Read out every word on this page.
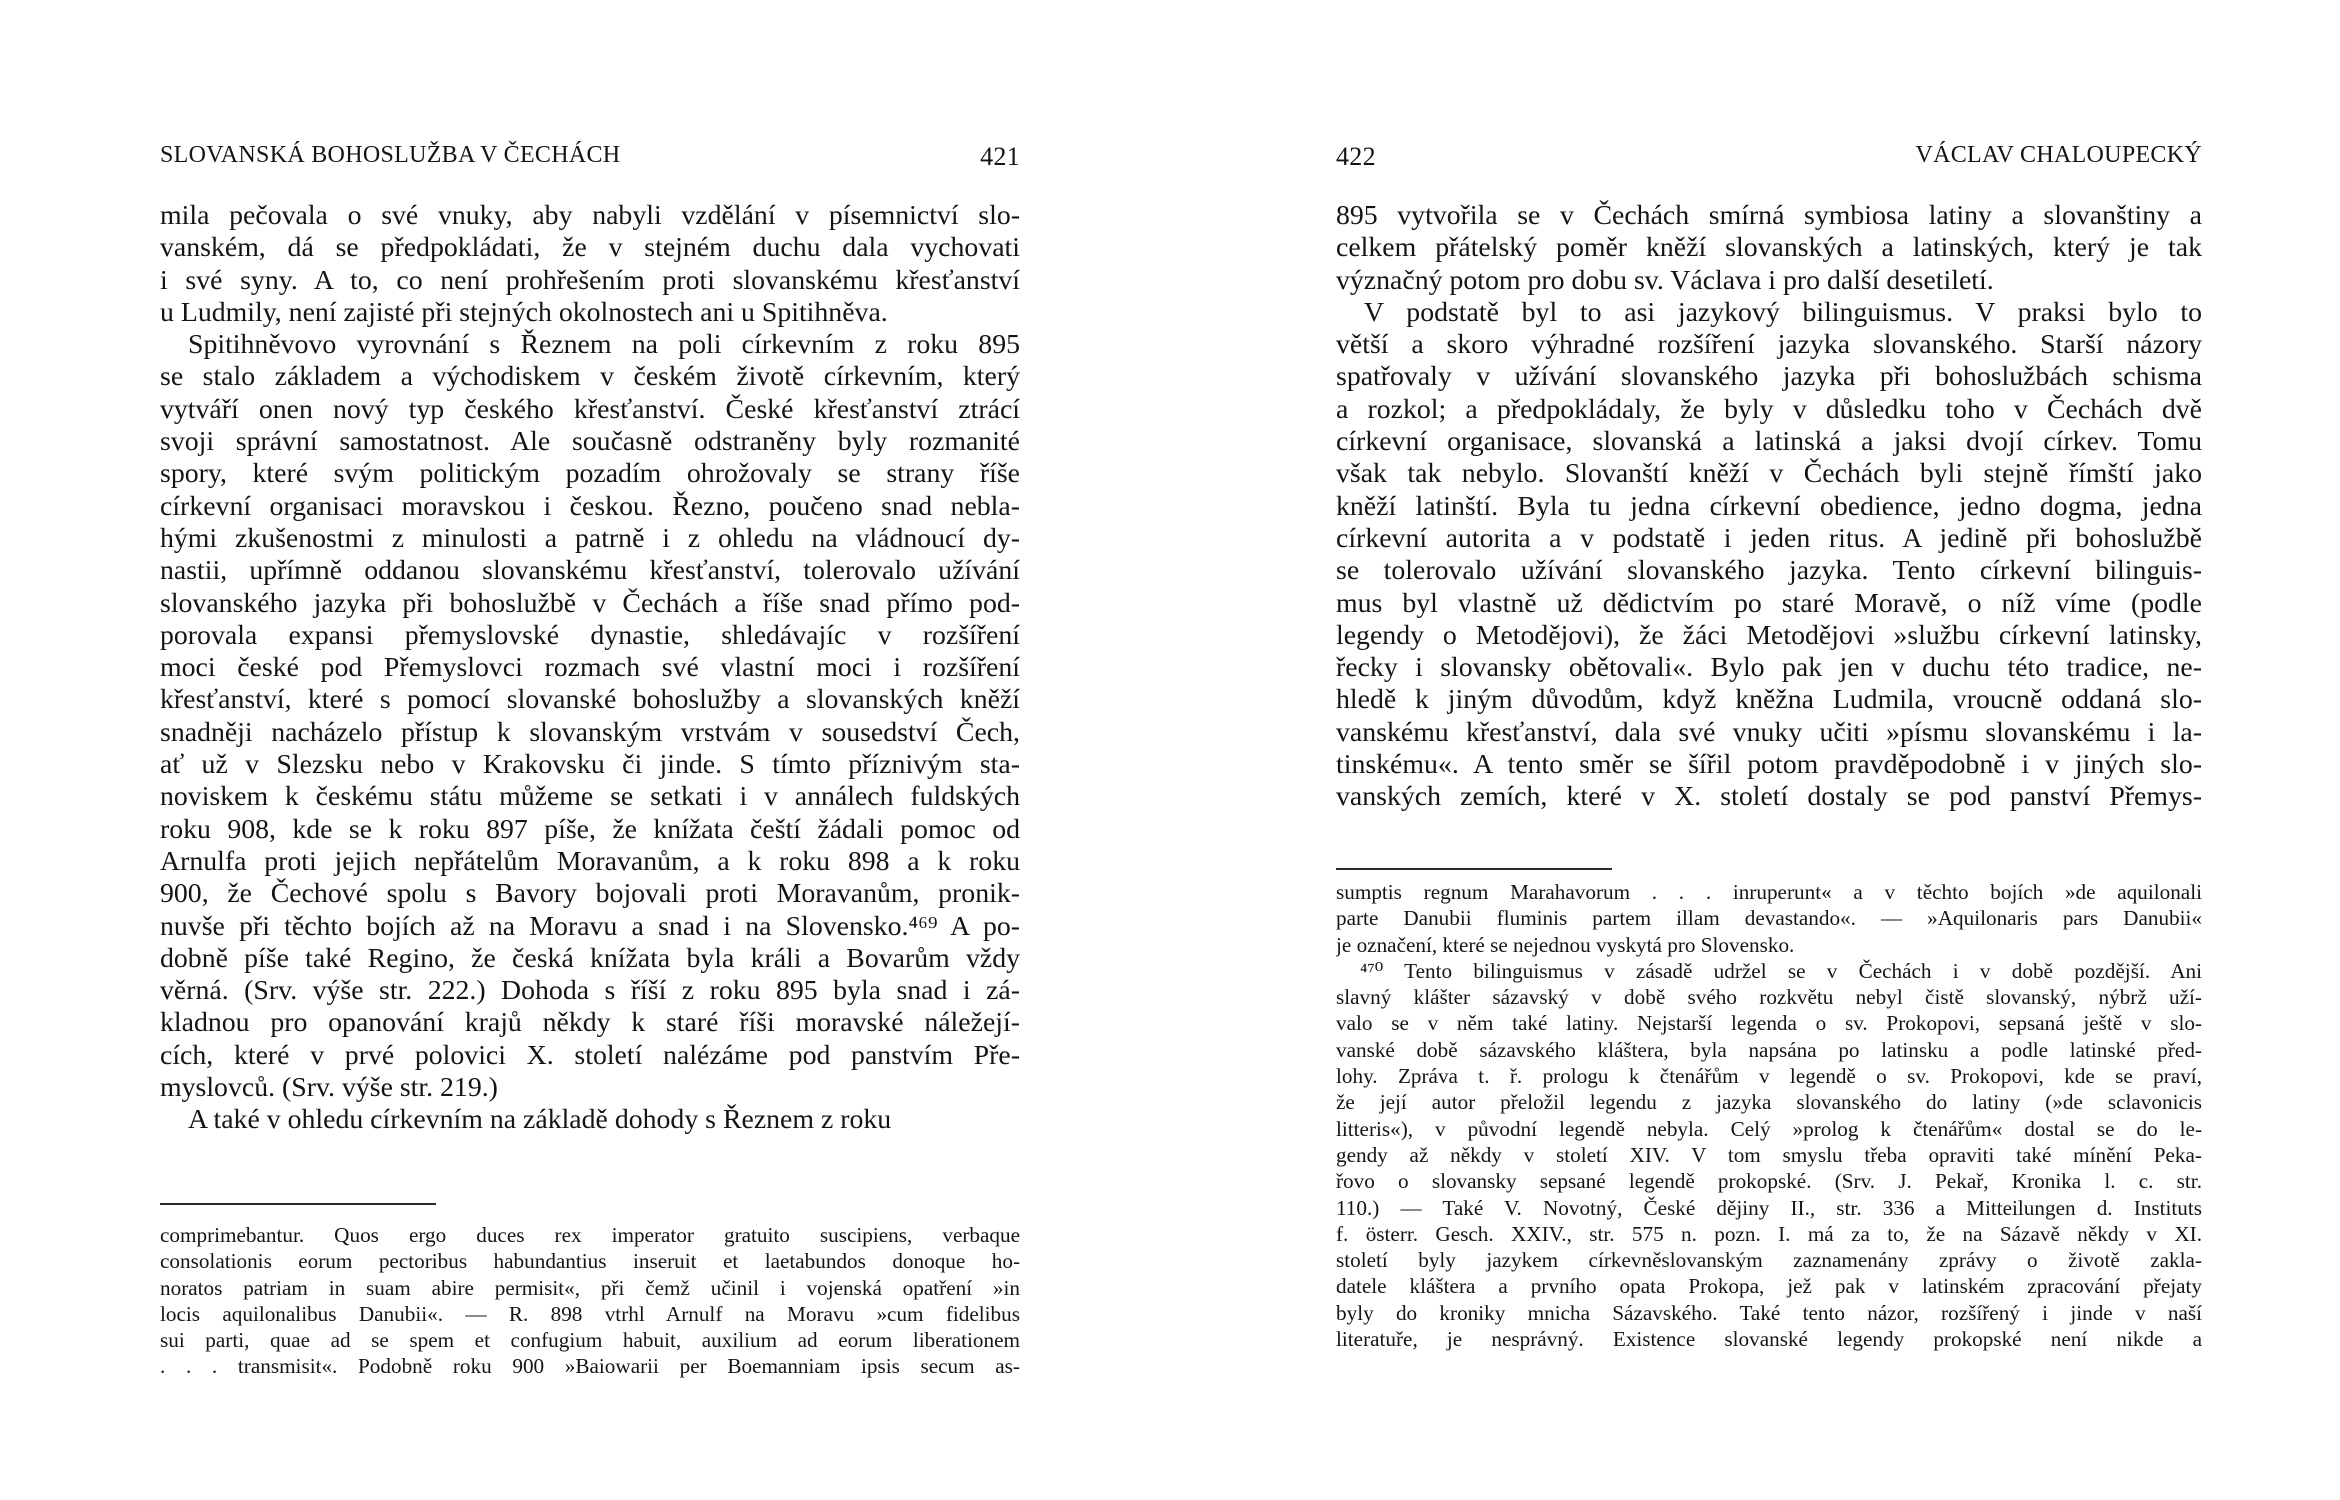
SLOVANSKÁ BOHOSLUŽBA V ČECHÁCH	421
mila pečovala o své vnuky, aby nabyli vzdělání v písemnictví slo-
vanském, dá se předpokládati, že v stejném duchu dala vychovati
i své syny. A to, co není prohřešením proti slovanskému křesťanství
u Ludmily, není zajisté při stejných okolnostech ani u Spitihněva.
Spitihněvovo vyrovnání s Řeznem na poli církevním z roku 895
se stalo základem a východiskem v českém životě církevním, který
vytváří onen nový typ českého křesťanství. České křesťanství ztrácí
svoji správní samostatnost. Ale současně odstraněny byly rozmanité
spory, které svým politickým pozadím ohrožovaly se strany říše
církevní organisaci moravskou i českou. Řezno, poučeno snad nebla-
hými zkušenostmi z minulosti a patrně i z ohledu na vládnoucí dy-
nastii, upřímně oddanou slovanskému křesťanství, tolerovalo užívání
slovanského jazyka při bohoslužbě v Čechách a říše snad přímo pod-
porovala expansi přemyslovské dynastie, shledávajíc v rozšíření
moci české pod Přemyslovci rozmach své vlastní moci i rozšíření
křesťanství, které s pomocí slovanské bohoslužby a slovanských kněží
snadněji nacházelo přístup k slovanským vrstvám v sousedství Čech,
ať už v Slezsku nebo v Krakovsku či jinde. S tímto příznivým sta-
noviskem k českému státu můžeme se setkati i v annálech fuldských
roku 908, kde se k roku 897 píše, že knížata čeští žádali pomoc od
Arnulfa proti jejich nepřátelům Moravanům, a k roku 898 a k roku
900, že Čechové spolu s Bavory bojovali proti Moravanům, pronik-
nuvše při těchto bojích až na Moravu a snad i na Slovensko.⁴⁶⁹ A po-
dobně píše také Regino, že česká knížata byla králi a Bovarům vždy
věrná. (Srv. výše str. 222.) Dohoda s říší z roku 895 byla snad i zá-
kladnou pro opanování krajů někdy k staré říši moravské náležejí-
cích, které v prvé polovici X. století nalézáme pod panstvím Pře-
myslovců. (Srv. výše str. 219.)
A také v ohledu církevním na základě dohody s Řeznem z roku
comprimebantur. Quos ergo duces rex imperator gratuito suscipiens, verbaque
consolationis eorum pectoribus habundantius inseruit et laetabundos donoque ho-
noratos patriam in suam abire permisit«, při čemž učinil i vojenská opatření »in
locis aquilonalibus Danubii«. — R. 898 vtrhl Arnulf na Moravu »cum fidelibus
sui parti, quae ad se spem et confugium habuit, auxilium ad eorum liberationem
. . . transmisit«. Podobně roku 900 »Baiowarii per Boemanniam ipsis secum as-
422	VÁCLAV CHALOUPECKÝ
895 vytvořila se v Čechách smírná symbiosa latiny a slovanštiny a
celkem přátelský poměr kněží slovanských a latinských, který je tak
význačný potom pro dobu sv. Václava i pro další desetiletí.
V podstatě byl to asi jazykový bilinguismus. V praksi bylo to
větší a skoro výhradné rozšíření jazyka slovanského. Starší názory
spatřovaly v užívání slovanského jazyka při bohoslužbách schisma
a rozkol; a předpokládaly, že byly v důsledku toho v Čechách dvě
církevní organisace, slovanská a latinská a jaksi dvojí církev. Tomu
však tak nebylo. Slovanští kněží v Čechách byli stejně římští jako
kněží latinští. Byla tu jedna církevní obedience, jedno dogma, jedna
církevní autorita a v podstatě i jeden ritus. A jedině při bohoslužbě
se tolerovalo užívání slovanského jazyka. Tento církevní bilinguis-
mus byl vlastně už dědictvím po staré Moravě, o níž víme (podle
legendy o Metodějovi), že žáci Metodějovi »službu církevní latinsky,
řecky i slovansky obětovali«. Bylo pak jen v duchu této tradice, ne-
hledě k jiným důvodům, když kněžna Ludmila, vroucně oddaná slo-
vanskému křesťanství, dala své vnuky učiti »písmu slovanskému i la-
tinskému«. A tento směr se šířil potom pravděpodobně i v jiných slo-
vanských zemích, které v X. století dostaly se pod panství Přemys-
sumptis regnum Marahavorum . . . inruperunt« a v těchto bojích »de aquilonali
parte Danubii fluminis partem illam devastando«. — »Aquilonaris pars Danubii«
je označení, které se nejednou vyskytá pro Slovensko.
⁴⁷⁰ Tento bilinguismus v zásadě udržel se v Čechách i v době pozdější. Ani
slavný klášter sázavský v době svého rozkvětu nebyl čistě slovanský, nýbrž uží-
valo se v něm také latiny. Nejstarší legenda o sv. Prokopovi, sepsaná ještě v slo-
vanské době sázavského kláštera, byla napsána po latinsku a podle latinské před-
lohy. Zpráva t. ř. prologu k čtenářům v legendě o sv. Prokopovi, kde se praví,
že její autor přeložil legendu z jazyka slovanského do latiny (»de sclavonicis
litteris«), v původní legendě nebyla. Celý »prolog k čtenářům« dostal se do le-
gendy až někdy v století XIV. V tom smyslu třeba opraviti také mínění Peka-
řovo o slovansky sepsané legendě prokopské. (Srv. J. Pekař, Kronika l. c. str.
110.) — Také V. Novotný, České dějiny II., str. 336 a Mitteilungen d. Instituts
f. österr. Gesch. XXIV., str. 575 n. pozn. I. má za to, že na Sázavě někdy v XI.
století byly jazykem církevněslovanským zaznamenány zprávy o životě zakla-
datele kláštera a prvního opata Prokopa, jež pak v latinském zpracování přejaty
byly do kroniky mnicha Sázavského. Také tento názor, rozšířený i jinde v naší
literatuře, je nesprávný. Existence slovanské legendy prokopské není nikde a
